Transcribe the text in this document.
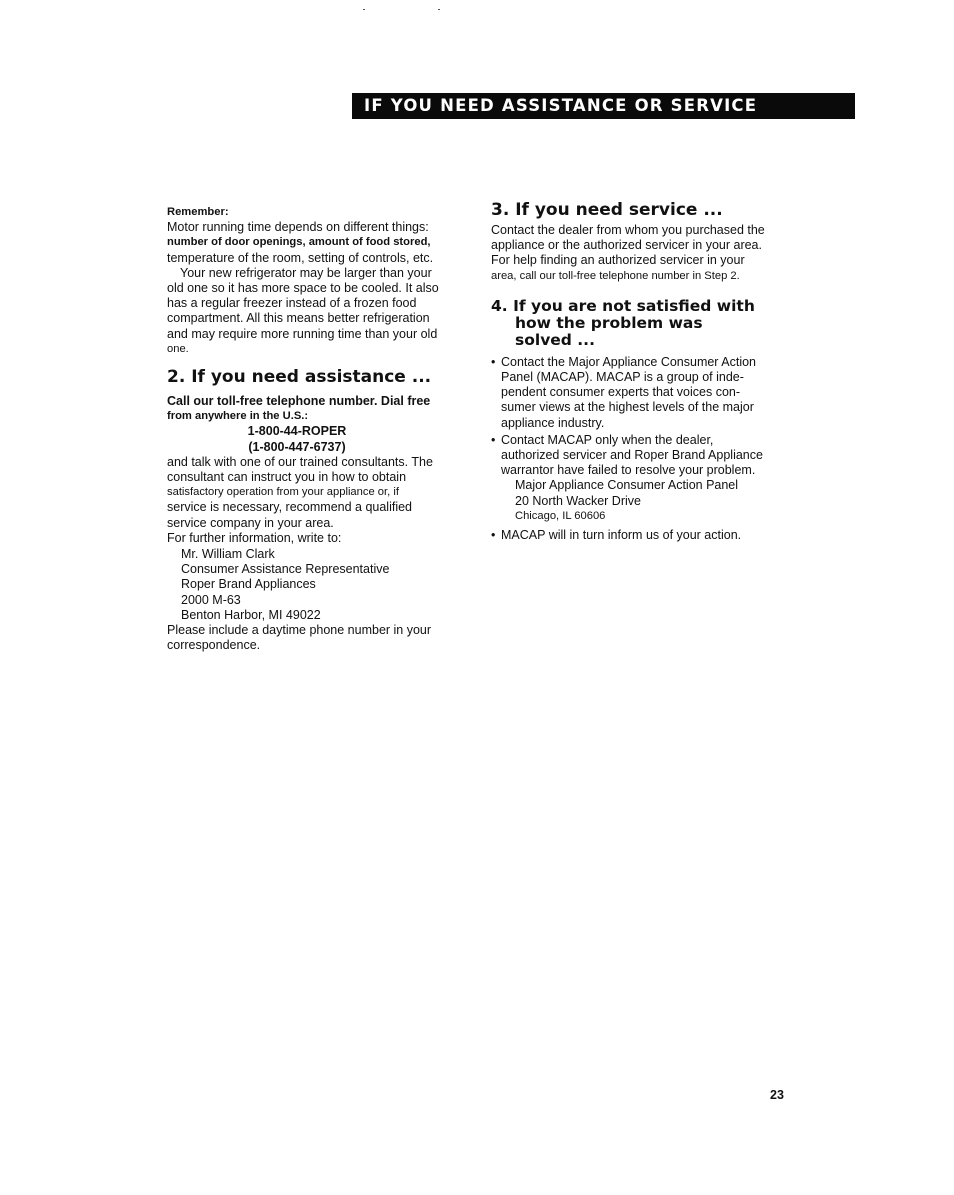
IF YOU NEED ASSISTANCE OR SERVICE
Remember:
Motor running time depends on different things:
number of door openings, amount of food stored,
temperature of the room, setting of controls, etc.
Your new refrigerator may be larger than your
old one so it has more space to be cooled. It also
has a regular freezer instead of a frozen food
compartment. All this means better refrigeration
and may require more running time than your old
one.
2. If you need assistance ...
Call our toll-free telephone number. Dial free
from anywhere in the U.S.:
1-800-44-ROPER
(1-800-447-6737)
and talk with one of our trained consultants. The
consultant can instruct you in how to obtain
satisfactory operation from your appliance or, if
service is necessary, recommend a qualified
service company in your area.
For further information, write to:
Mr. William Clark
Consumer Assistance Representative
Roper Brand Appliances
2000 M-63
Benton Harbor, MI 49022
Please include a daytime phone number in your
correspondence.
3. If you need service ...
Contact the dealer from whom you purchased the
appliance or the authorized servicer in your area.
For help finding an authorized servicer in your
area, call our toll-free telephone number in Step 2.
4. If you are not satisfied with
how the problem was
solved ...
• Contact the Major Appliance Consumer Action
Panel (MACAP). MACAP is a group of inde-
pendent consumer experts that voices con-
sumer views at the highest levels of the major
appliance industry.
• Contact MACAP only when the dealer,
authorized servicer and Roper Brand Appliance
warrantor have failed to resolve your problem.
Major Appliance Consumer Action Panel
20 North Wacker Drive
Chicago, IL 60606
• MACAP will in turn inform us of your action.
23
